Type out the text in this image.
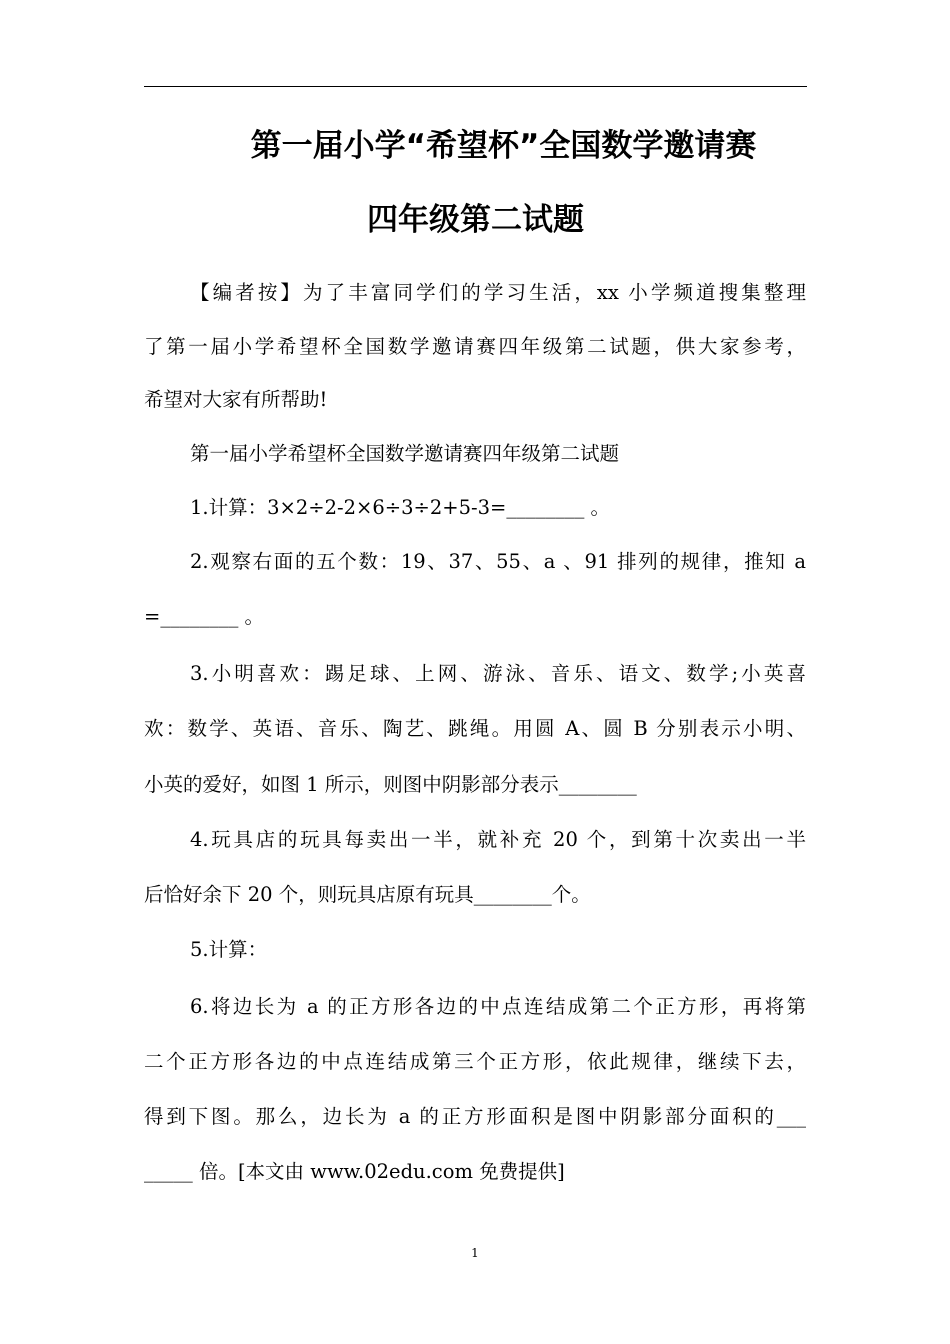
第一届小学“希望杯”全国数学邀请赛
四年级第二试题
【编者按】为了丰富同学们的学习生活，xx 小学频道搜集整理
了第一届小学希望杯全国数学邀请赛四年级第二试题，供大家参考，
希望对大家有所帮助!
第一届小学希望杯全国数学邀请赛四年级第二试题
1.计算：3×2÷2-2×6÷3÷2+5-3=________ 。
2.观察右面的五个数：19、37、55、a 、91 排列的规律，推知 a
=________ 。
3.小明喜欢：踢足球、上网、游泳、音乐、语文、数学;小英喜
欢：数学、英语、音乐、陶艺、跳绳。用圆 A、圆 B 分别表示小明、
小英的爱好，如图 1 所示，则图中阴影部分表示________
4.玩具店的玩具每卖出一半，就补充 20 个，到第十次卖出一半
后恰好余下 20 个，则玩具店原有玩具________个。
5.计算：
6.将边长为 a 的正方形各边的中点连结成第二个正方形，再将第
二个正方形各边的中点连结成第三个正方形，依此规律，继续下去，
得到下图。那么，边长为 a 的正方形面积是图中阴影部分面积的___
_____ 倍。[本文由 www.02edu.com 免费提供]
1
